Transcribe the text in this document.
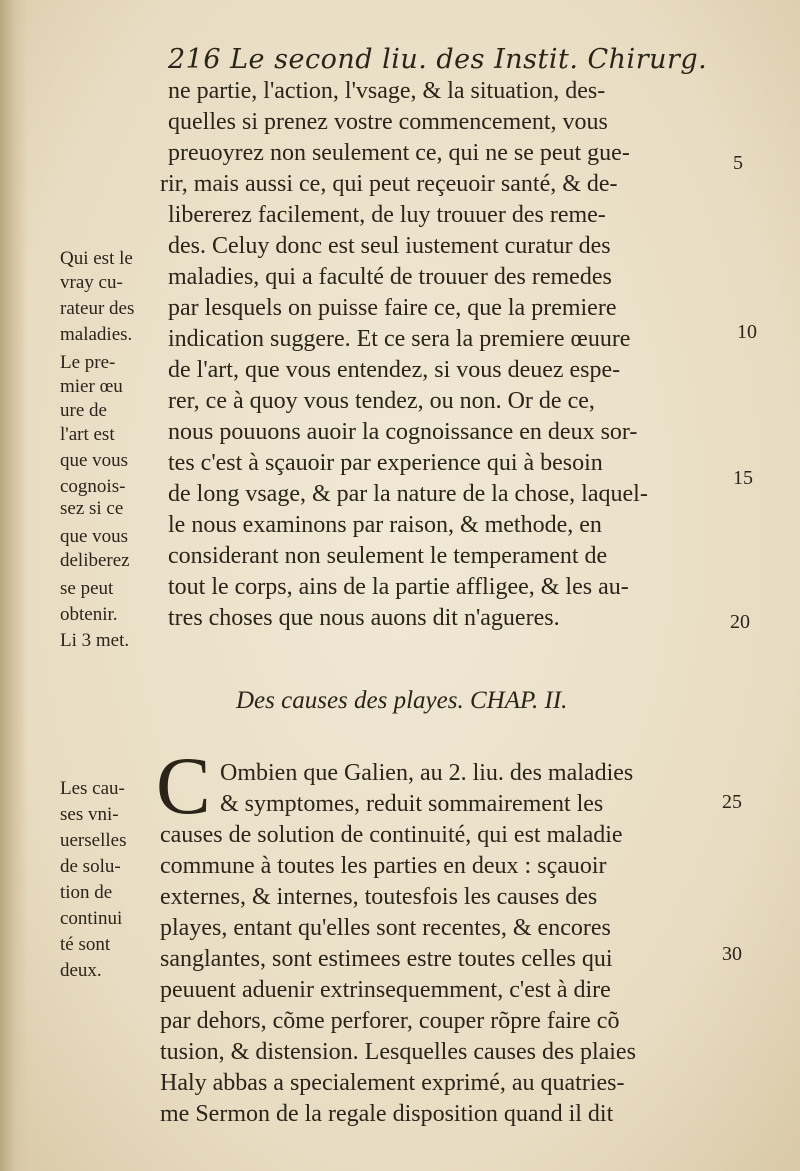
216 Le second liu. des Instit. Chirurg.
ne partie, l'action, l'vsage, & la situation, des-
quelles si prenez vostre commencement, vous
preuoyrez non seulement ce, qui ne se peut gue-
rir, mais aussi ce, qui peut reçeuoir santé, & de-
libererez facilement, de luy trouuer des reme-
des. Celuy donc est seul iustement curatur des
maladies, qui a faculté de trouuer des remedes
par lesquels on puisse faire ce, que la premiere
indication suggere. Et ce sera la premiere œuure
de l'art, que vous entendez, si vous deuez espe-
rer, ce à quoy vous tendez, ou non. Or de ce,
nous pouuons auoir la cognoissance en deux sor-
tes c'est à sçauoir par experience qui à besoin
de long vsage, & par la nature de la chose, laquel-
le nous examinons par raison, & methode, en
considerant non seulement le temperament de
tout le corps, ains de la partie affligee, & les au-
tres choses que nous auons dit n'agueres.
Qui est le
vray cu-
rateur des
maladies.
Le pre-
mier œu
ure de
l'art est
que vous
cognois-
sez si ce
que vous
deliberez
se peut
obtenir.
Li 3 met.
5
10
15
20
25
30
Des causes des playes. CHAP. II.
C Ombien que Galien, au 2. liu. des maladies
& symptomes, reduit sommairement les
causes de solution de continuité, qui est maladie
commune à toutes les parties en deux : sçauoir
externes, & internes, toutesfois les causes des
playes, entant qu'elles sont recentes, & encores
sanglantes, sont estimees estre toutes celles qui
peuuent aduenir extrinsequemment, c'est à dire
par dehors, cõme perforer, couper rõpre faire cõ
tusion, & distension. Lesquelles causes des plaies
Haly abbas a specialement exprimé, au quatries-
me Sermon de la regale disposition quand il dit
Les cau-
ses vni-
uerselles
de solu-
tion de
continui
té sont
deux.
